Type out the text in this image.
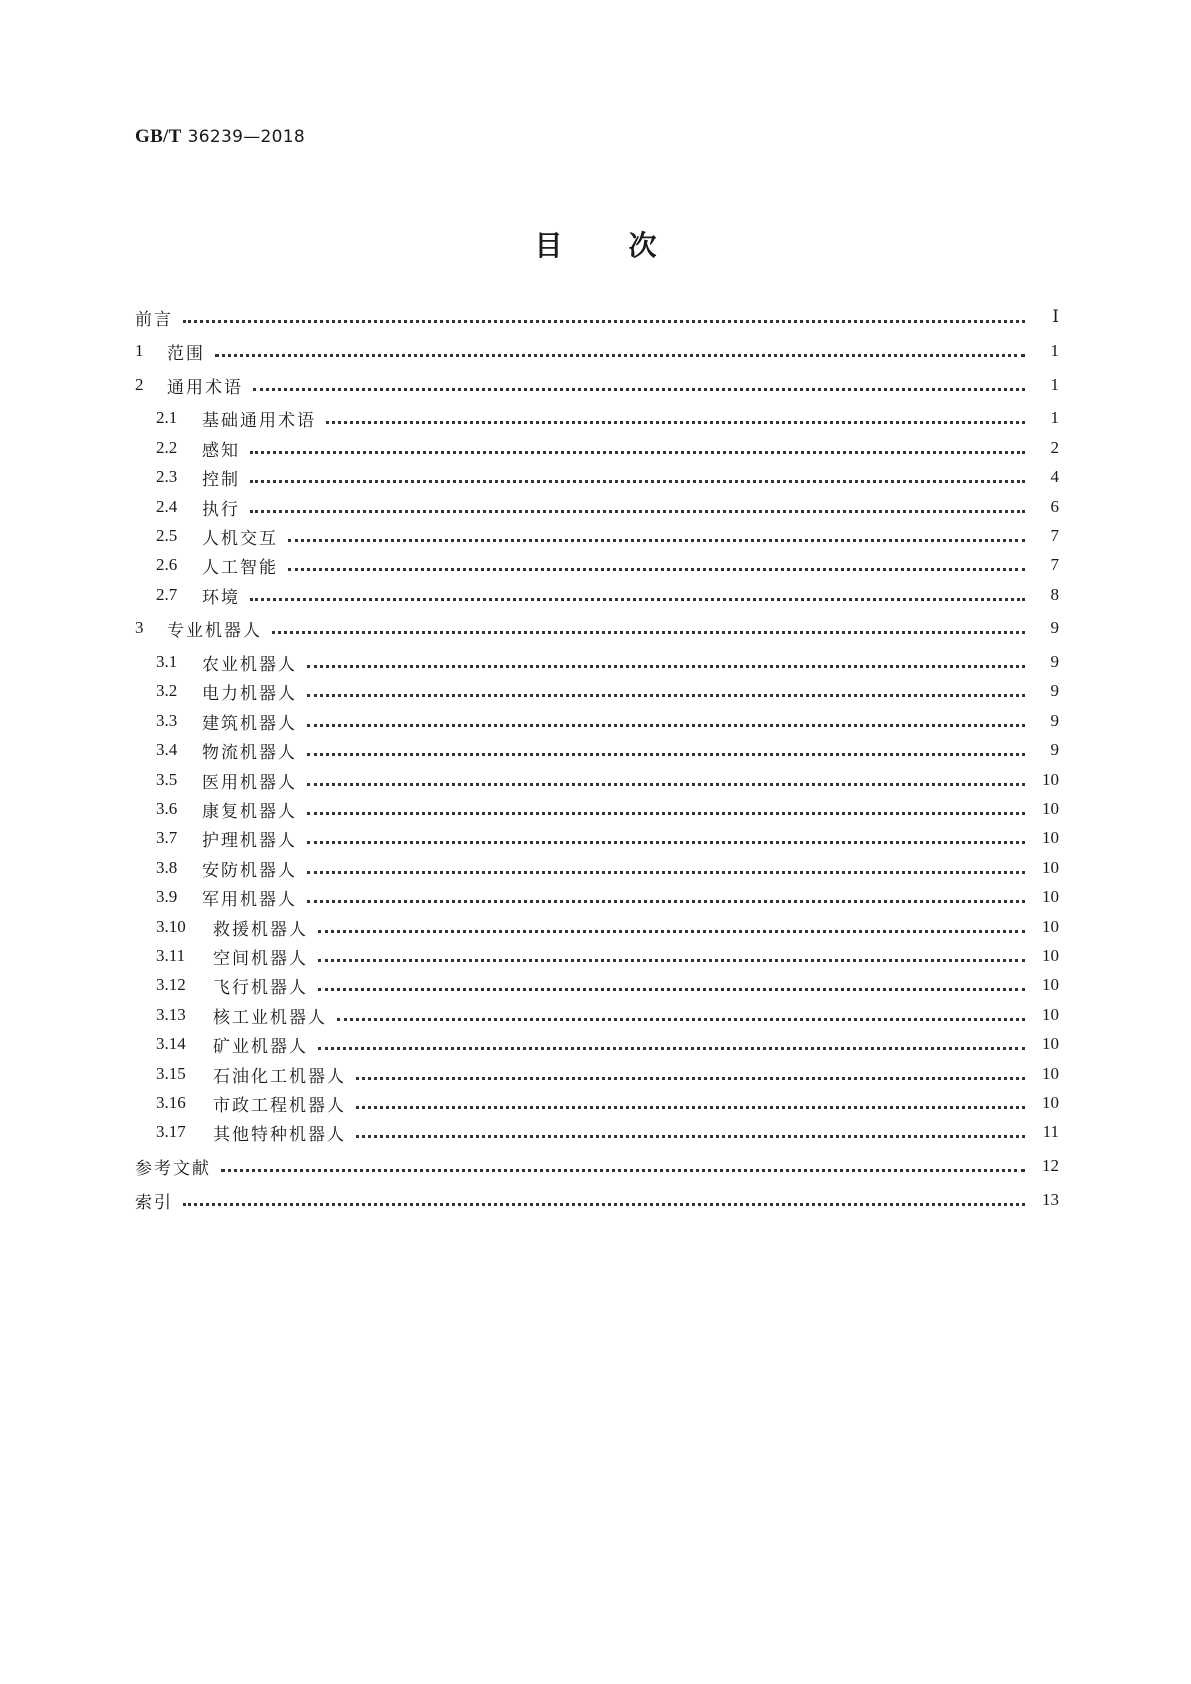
GB/T 36239—2018
目 次
前言	Ⅰ
1	范围	1
2	通用术语	1
2.1	基础通用术语	1
2.2	感知	2
2.3	控制	4
2.4	执行	6
2.5	人机交互	7
2.6	人工智能	7
2.7	环境	8
3	专业机器人	9
3.1	农业机器人	9
3.2	电力机器人	9
3.3	建筑机器人	9
3.4	物流机器人	9
3.5	医用机器人	10
3.6	康复机器人	10
3.7	护理机器人	10
3.8	安防机器人	10
3.9	军用机器人	10
3.10	救援机器人	10
3.11	空间机器人	10
3.12	飞行机器人	10
3.13	核工业机器人	10
3.14	矿业机器人	10
3.15	石油化工机器人	10
3.16	市政工程机器人	10
3.17	其他特种机器人	11
参考文献	12
索引	13
